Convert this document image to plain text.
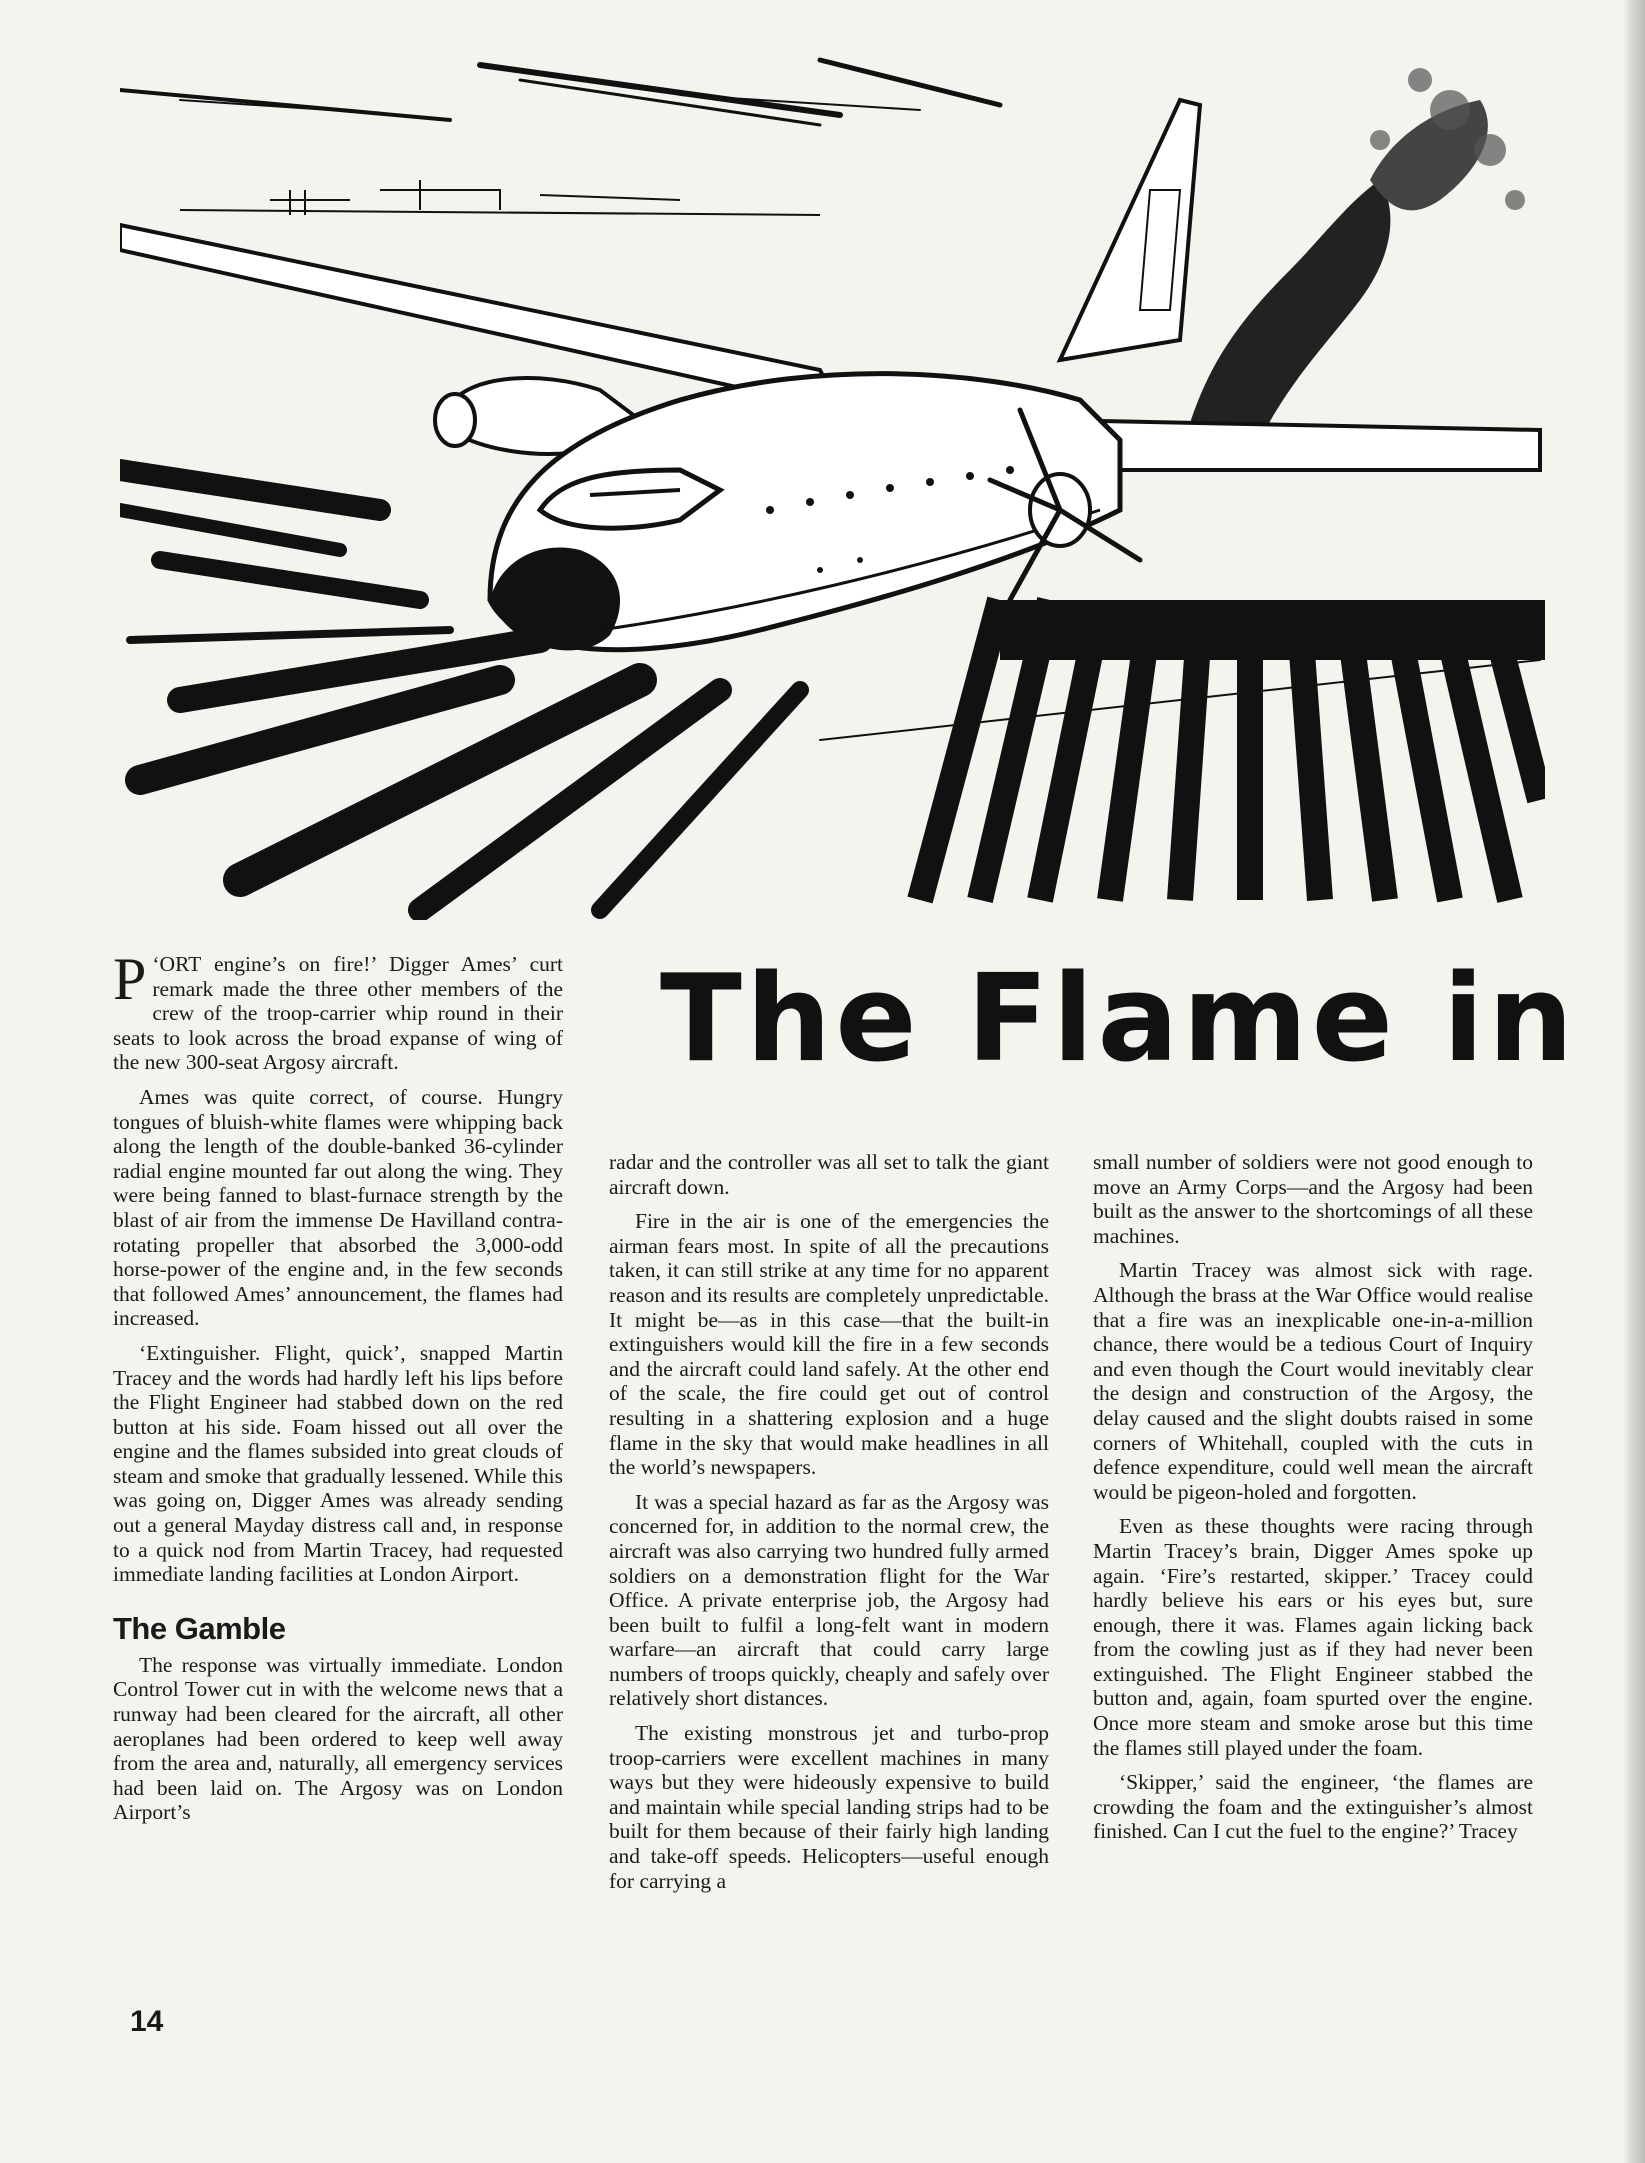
The Flame in

‘
P ORT engine’s on fire!’ Digger Ames’ curt remark made the three other members of the crew of the troop-carrier whip round in their seats to look across the broad expanse of wing of the new 300-seat Argosy aircraft.

Ames was quite correct, of course. Hungry tongues of bluish-white flames were whipping back along the length of the double-banked 36-cylinder radial engine mounted far out along the wing. They were being fanned to blast-furnace strength by the blast of air from the immense De Havilland contra-rotating propeller that absorbed the 3,000-odd horse-power of the engine and, in the few seconds that followed Ames’ announcement, the flames had increased.

‘Extinguisher. Flight, quick’, snapped Martin Tracey and the words had hardly left his lips before the Flight Engineer had stabbed down on the red button at his side. Foam hissed out all over the engine and the flames subsided into great clouds of steam and smoke that gradually lessened. While this was going on, Digger Ames was already sending out a general Mayday distress call and, in response to a quick nod from Martin Tracey, had requested immediate landing facilities at London Airport.

The Gamble

The response was virtually immediate. London Control Tower cut in with the welcome news that a runway had been cleared for the aircraft, all other aeroplanes had been ordered to keep well away from the area and, naturally, all emergency services had been laid on. The Argosy was on London Airport’s

radar and the controller was all set to talk the giant aircraft down.

Fire in the air is one of the emergencies the airman fears most. In spite of all the precautions taken, it can still strike at any time for no apparent reason and its results are completely unpredictable. It might be—as in this case—that the built-in extinguishers would kill the fire in a few seconds and the aircraft could land safely. At the other end of the scale, the fire could get out of control resulting in a shattering explosion and a huge flame in the sky that would make headlines in all the world’s newspapers.

It was a special hazard as far as the Argosy was concerned for, in addition to the normal crew, the aircraft was also carrying two hundred fully armed soldiers on a demonstration flight for the War Office. A private enterprise job, the Argosy had been built to fulfil a long-felt want in modern warfare—an aircraft that could carry large numbers of troops quickly, cheaply and safely over relatively short distances.

The existing monstrous jet and turbo-prop troop-carriers were excellent machines in many ways but they were hideously expensive to build and maintain while special landing strips had to be built for them because of their fairly high landing and take-off speeds. Helicopters—useful enough for carrying a

small number of soldiers were not good enough to move an Army Corps—and the Argosy had been built as the answer to the shortcomings of all these machines.

Martin Tracey was almost sick with rage. Although the brass at the War Office would realise that a fire was an inexplicable one-in-a-million chance, there would be a tedious Court of Inquiry and even though the Court would inevitably clear the design and construction of the Argosy, the delay caused and the slight doubts raised in some corners of Whitehall, coupled with the cuts in defence expenditure, could well mean the aircraft would be pigeon-holed and forgotten.

Even as these thoughts were racing through Martin Tracey’s brain, Digger Ames spoke up again. ‘Fire’s restarted, skipper.’ Tracey could hardly believe his ears or his eyes but, sure enough, there it was. Flames again licking back from the cowling just as if they had never been extinguished. The Flight Engineer stabbed the button and, again, foam spurted over the engine. Once more steam and smoke arose but this time the flames still played under the foam.

‘Skipper,’ said the engineer, ‘the flames are crowding the foam and the extinguisher’s almost finished. Can I cut the fuel to the engine?’ Tracey

14
